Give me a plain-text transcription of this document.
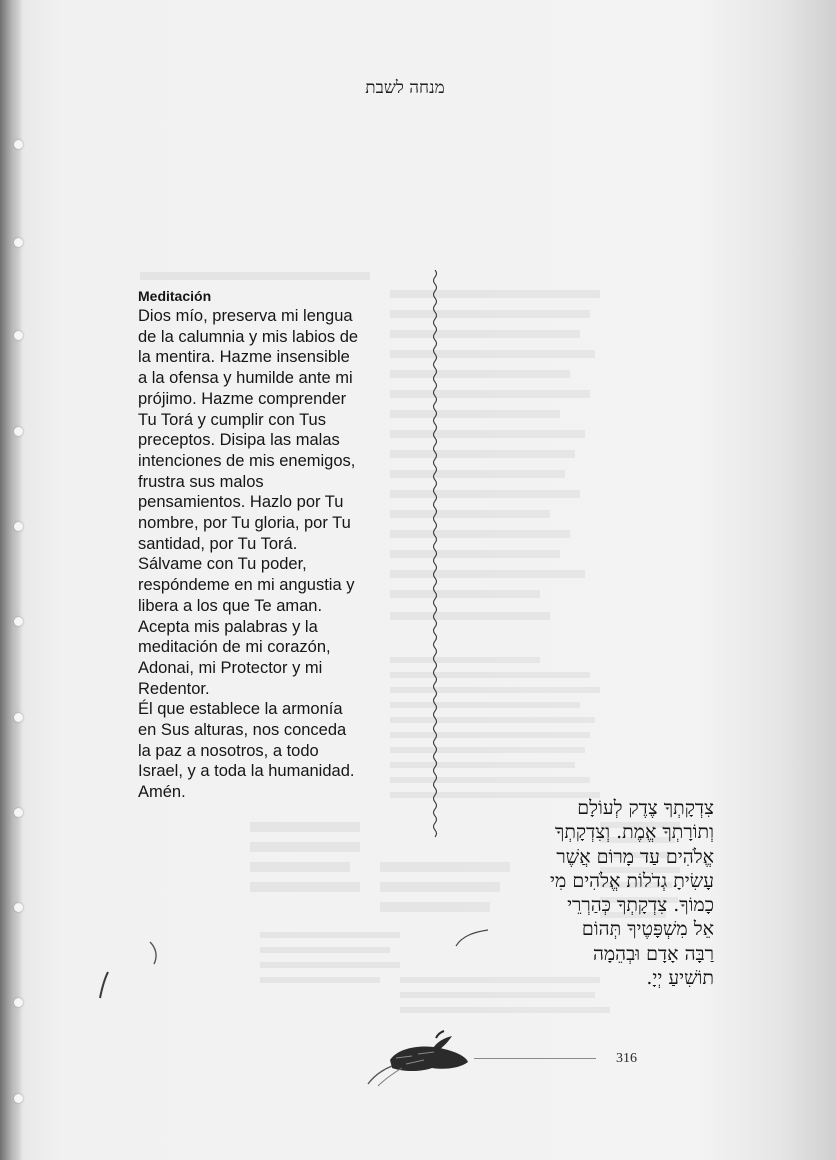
מנחה לשבת
Meditación
Dios mío, preserva mi lengua
de la calumnia y mis labios de
la mentira. Hazme insensible
a la ofensa y humilde ante mi
prójimo. Hazme comprender
Tu Torá y cumplir con Tus
preceptos. Disipa las malas
intenciones de mis enemigos,
frustra sus malos
pensamientos. Hazlo por Tu
nombre, por Tu gloria, por Tu
santidad, por Tu Torá.
Sálvame con Tu poder,
respóndeme en mi angustia y
libera a los que Te aman.
Acepta mis palabras y la
meditación de mi corazón,
Adonai, mi Protector y mi
Redentor.
Él que establece la armonía
en Sus alturas, nos conceda
la paz a nosotros, a todo
Israel, y a toda la humanidad.
Amén.
צִדְקָתְךָ צֶדֶק לְעוֹלָם
וְתוֹרָתְךָ אֱמֶת. וְצִדְקָתְךָ
אֱלֹהִים עַד מָרוֹם אֲשֶׁר
עָשִׂיתָ גְדֹלוֹת אֱלֹהִים מִי
כָמוֹךָ. צִדְקָתְךָ כְּהַרְרֵי
אֵל מִשְׁפָּטֶיךָ תְּהוֹם
רַבָּה אָדָם וּבְהֵמָה
תוֹשִׁיעַ יְיָ.
316
